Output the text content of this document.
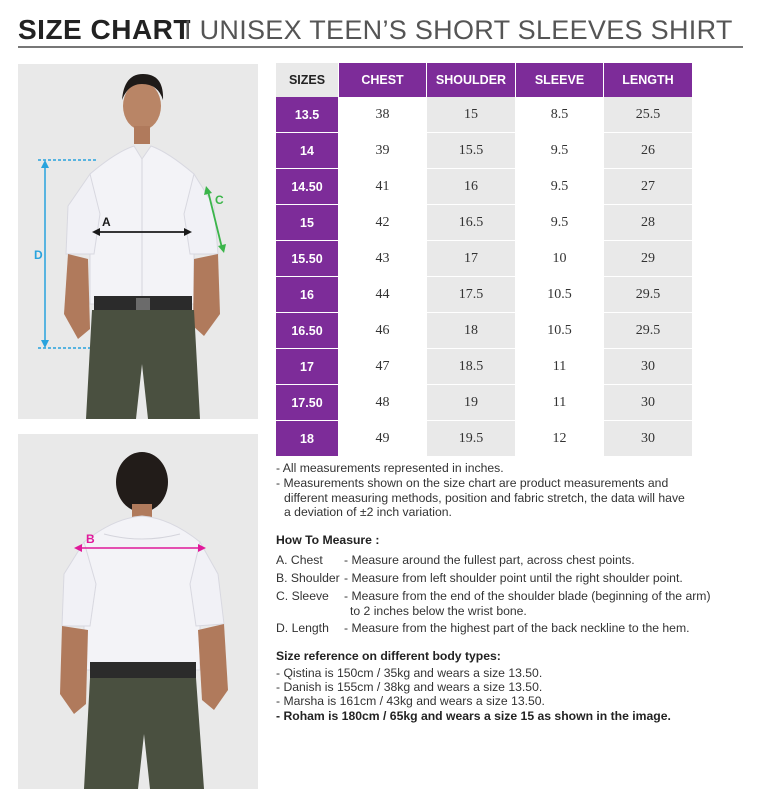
SIZE CHART
I UNISEX TEEN’S SHORT SLEEVES SHIRT
D
A
C
B
SIZES	CHEST	SHOULDER	SLEEVE	LENGTH
13.5	38	15	8.5	25.5
14	39	15.5	9.5	26
14.50	41	16	9.5	27
15	42	16.5	9.5	28
15.50	43	17	10	29
16	44	17.5	10.5	29.5
16.50	46	18	10.5	29.5
17	47	18.5	11	30
17.50	48	19	11	30
18	49	19.5	12	30

- All measurements represented in inches.

- Measurements shown on the size chart are product measurements and

different measuring methods, position and fabric stretch, the data will have

a deviation of ±2 inch variation.

How To Measure :
A. Chest - Measure around the fullest part, across chest points.
B. Shoulder - Measure from left shoulder point until the right shoulder point.
C. Sleeve - Measure from the end of the shoulder blade (beginning of the arm)
to 2 inches below the wrist bone.
D. Length - Measure from the highest part of the back neckline to the hem.
Size reference on different body types:

- Qistina is 150cm / 35kg and wears a size 13.50.

- Danish is 155cm / 38kg and wears a size 13.50.

- Marsha is 161cm / 43kg and wears a size 13.50.

- Roham is 180cm / 65kg and wears a size 15 as shown in the image.
